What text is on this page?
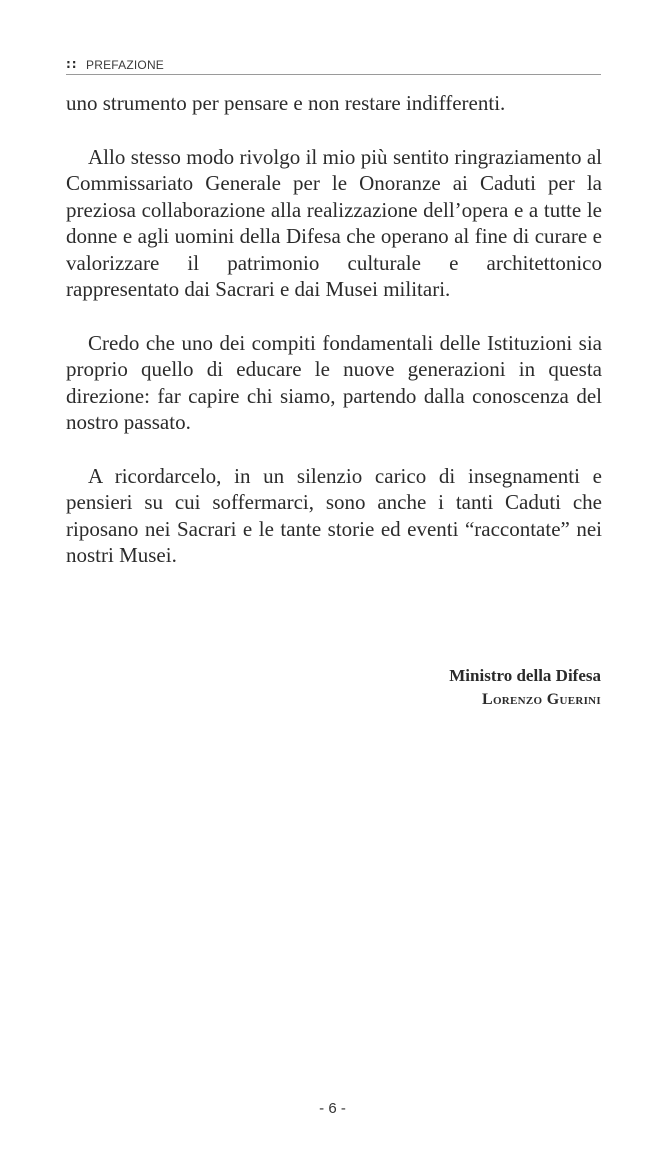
:: PREFAZIONE

uno strumento per pensare e non restare indifferenti.

Allo stesso modo rivolgo il mio più sentito ringraziamento al Commissariato Generale per le Onoranze ai Caduti per la preziosa collaborazione alla realizzazione dell’opera e a tutte le donne e agli uomini della Difesa che operano al fine di curare e valorizzare il patrimonio culturale e architettonico rappresentato dai Sacrari e dai Musei militari.

Credo che uno dei compiti fondamentali delle Istituzioni sia proprio quello di educare le nuove generazioni in questa direzione: far capire chi siamo, partendo dalla conoscenza del nostro passato.

A ricordarcelo, in un silenzio carico di insegnamenti e pensieri su cui soffermarci, sono anche i tanti Caduti che riposano nei Sacrari e le tante storie ed eventi “raccontate” nei nostri Musei.

Ministro della Difesa
Lorenzo Guerini
- 6 -
